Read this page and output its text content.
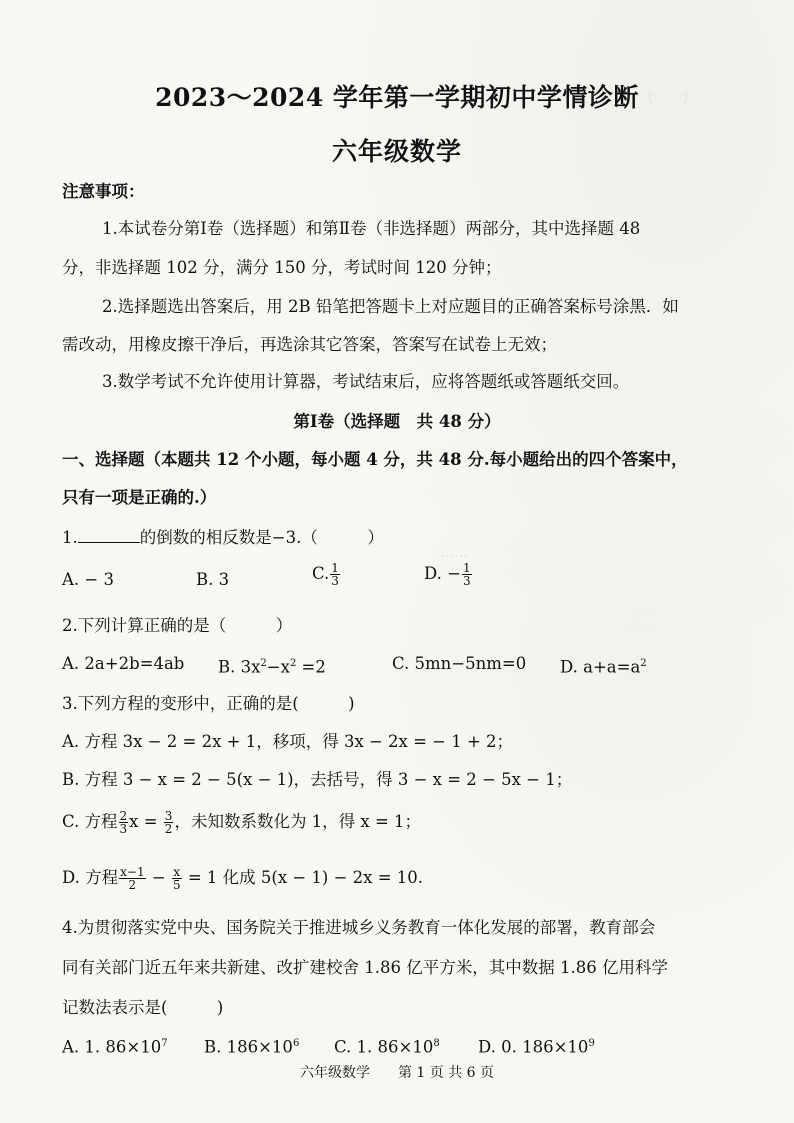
（　　）
……
2023～2024 学年第一学期初中学情诊断
六年级数学
注意事项：
1.本试卷分第Ⅰ卷（选择题）和第Ⅱ卷（非选择题）两部分，其中选择题 48
分，非选择题 102 分，满分 150 分，考试时间 120 分钟；
2.选择题选出答案后，用 2B 铅笔把答题卡上对应题目的正确答案标号涂黑．如
需改动，用橡皮擦干净后，再选涂其它答案，答案写在试卷上无效；
3.数学考试不允许使用计算器，考试结束后，应将答题纸或答题纸交回。
第Ⅰ卷（选择题　共 48 分）
一、选择题（本题共 12 个小题，每小题 4 分，共 48 分.每小题给出的四个答案中，
只有一项是正确的.）
1.	的倒数的相反数是−3.（　　　）
A. − 3	B. 3	C. $\frac{1}{3}$	D. − $\frac{1}{3}$
2.下列计算正确的是（　　　）
A. 2a+2b=4ab B. $3x^2-x^2 =2$	C. 5mn−5nm=0 D. $a+a=a^2$
3.下列方程的变形中，正确的是(　　　)
A. 方程 3x − 2 = 2x + 1，移项，得 3x − 2x = − 1 + 2；
B. 方程 3 − x = 2 − 5(x − 1)，去括号，得 3 − x = 2 − 5x − 1；
C. 方程 $\frac{2}{3}$ $x = \frac{3}{2}$ ，未知数系数化为 1，得 x = 1；
D. 方程 $\frac{x-1}{2} - \frac{x}{5} = 1$ 化成 5(x − 1) − 2x = 10.
4.为贯彻落实党中央、国务院关于推进城乡义务教育一体化发展的部署，教育部会
同有关部门近五年来共新建、改扩建校舍 1.86 亿平方米，其中数据 1.86 亿用科学
记数法表示是(　　　)
A. 1. $86\times 10^7$ B. $186\times 10^6$ C. 1. $86\times 10^8$ D. 0. $186\times 10^9$
六年级数学　　第 1 页 共 6 页
